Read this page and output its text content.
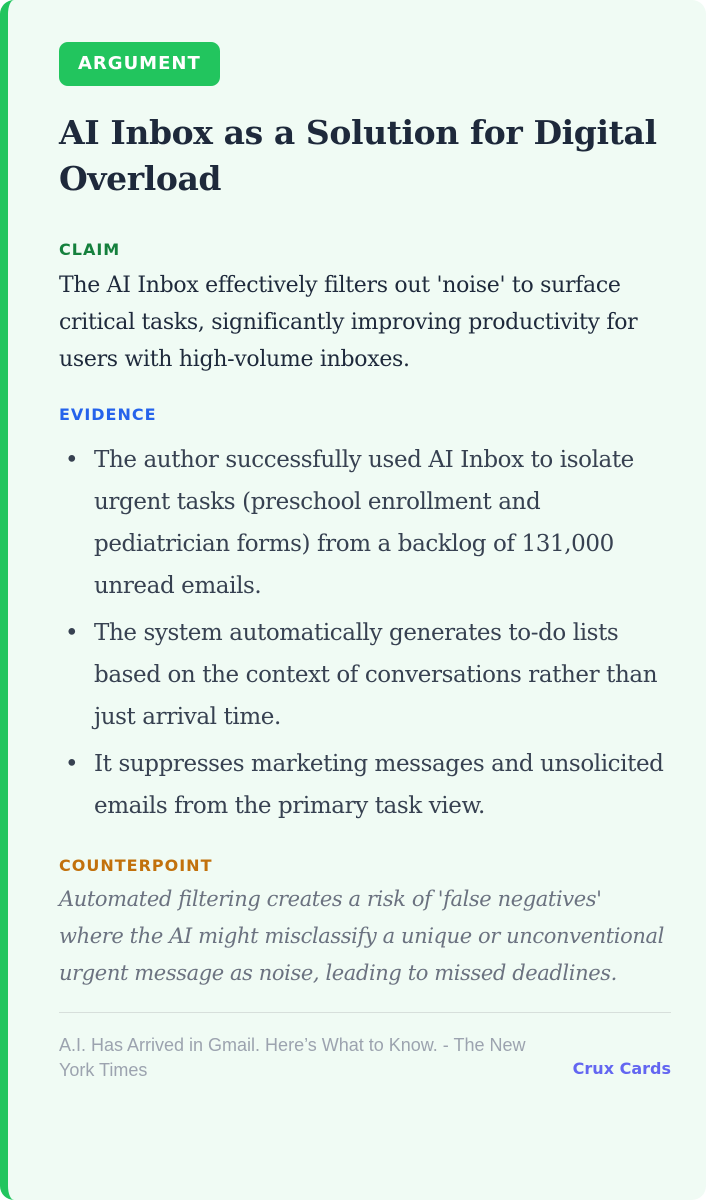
ARGUMENT
AI Inbox as a Solution for Digital Overload
CLAIM
The AI Inbox effectively filters out 'noise' to surface critical tasks, significantly improving productivity for users with high-volume inboxes.
EVIDENCE
• The author successfully used AI Inbox to isolate urgent tasks (preschool enrollment and pediatrician forms) from a backlog of 131,000 unread emails.
• The system automatically generates to-do lists based on the context of conversations rather than just arrival time.
• It suppresses marketing messages and unsolicited emails from the primary task view.
COUNTERPOINT
Automated filtering creates a risk of 'false negatives' where the AI might misclassify a unique or unconventional urgent message as noise, leading to missed deadlines.
A.I. Has Arrived in Gmail. Here’s What to Know. - The New York Times	Crux Cards
